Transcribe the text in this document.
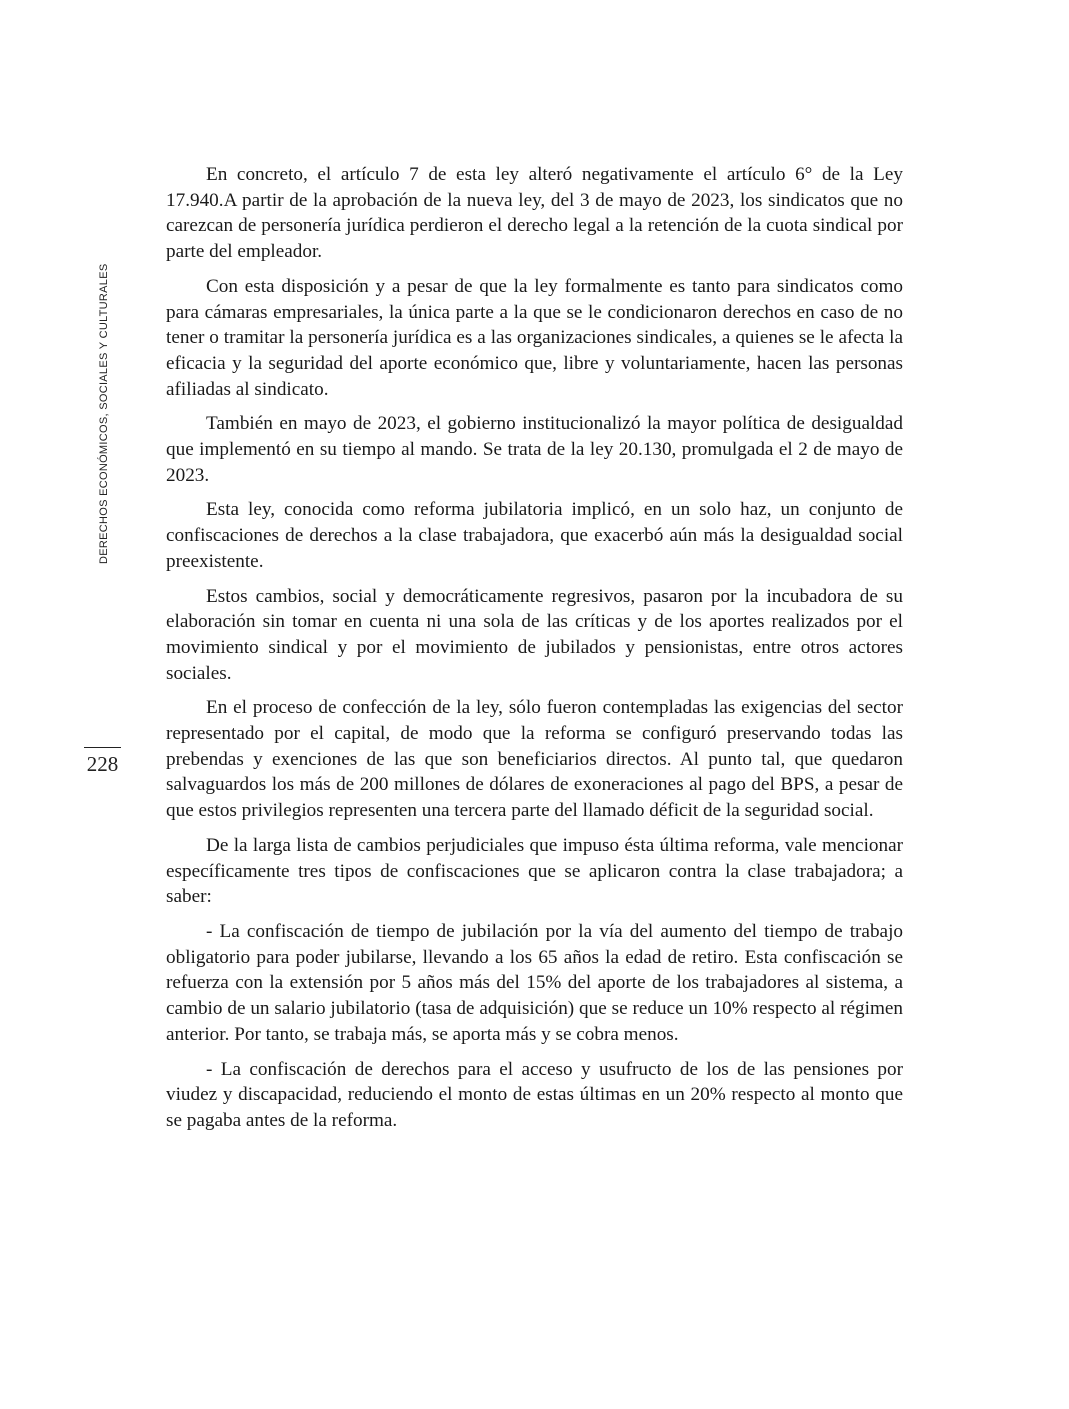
DERECHOS ECONÓMICOS, SOCIALES Y CULTURALES
228

En concreto, el artículo 7 de esta ley alteró negativamente el artículo 6° de la Ley 17.940.A partir de la aprobación de la nueva ley, del 3 de mayo de 2023, los sindicatos que no carezcan de personería jurídica perdieron el derecho legal a la retención de la cuota sindical por parte del empleador.

Con esta disposición y a pesar de que la ley formalmente es tanto para sindicatos como para cámaras empresariales, la única parte a la que se le condicionaron derechos en caso de no tener o tramitar la personería jurídica es a las organizaciones sindicales, a quienes se le afecta la eficacia y la seguridad del aporte económico que, libre y voluntariamente, hacen las personas afiliadas al sindicato.

También en mayo de 2023, el gobierno institucionalizó la mayor política de desigualdad que implementó en su tiempo al mando. Se trata de la ley 20.130, promulgada el 2 de mayo de 2023.

Esta ley, conocida como reforma jubilatoria implicó, en un solo haz, un conjunto de confiscaciones de derechos a la clase trabajadora, que exacerbó aún más la desigualdad social preexistente.

Estos cambios, social y democráticamente regresivos, pasaron por la incubadora de su elaboración sin tomar en cuenta ni una sola de las críticas y de los aportes realizados por el movimiento sindical y por el movimiento de jubilados y pensionistas, entre otros actores sociales.

En el proceso de confección de la ley, sólo fueron contempladas las exigencias del sector representado por el capital, de modo que la reforma se configuró preservando todas las prebendas y exenciones de las que son beneficiarios directos. Al punto tal, que quedaron salvaguardos los más de 200 millones de dólares de exoneraciones al pago del BPS, a pesar de que estos privilegios representen una tercera parte del llamado déficit de la seguridad social.

De la larga lista de cambios perjudiciales que impuso ésta última reforma, vale mencionar específicamente tres tipos de confiscaciones que se aplicaron contra la clase trabajadora; a saber:

- La confiscación de tiempo de jubilación por la vía del aumento del tiempo de trabajo obligatorio para poder jubilarse, llevando a los 65 años la edad de retiro. Esta confiscación se refuerza con la extensión por 5 años más del 15% del aporte de los trabajadores al sistema, a cambio de un salario jubilatorio (tasa de adquisición) que se reduce un 10% respecto al régimen anterior. Por tanto, se trabaja más, se aporta más y se cobra menos.

- La confiscación de derechos para el acceso y usufructo de los de las pensiones por viudez y discapacidad, reduciendo el monto de estas últimas en un 20% respecto al monto que se pagaba antes de la reforma.
